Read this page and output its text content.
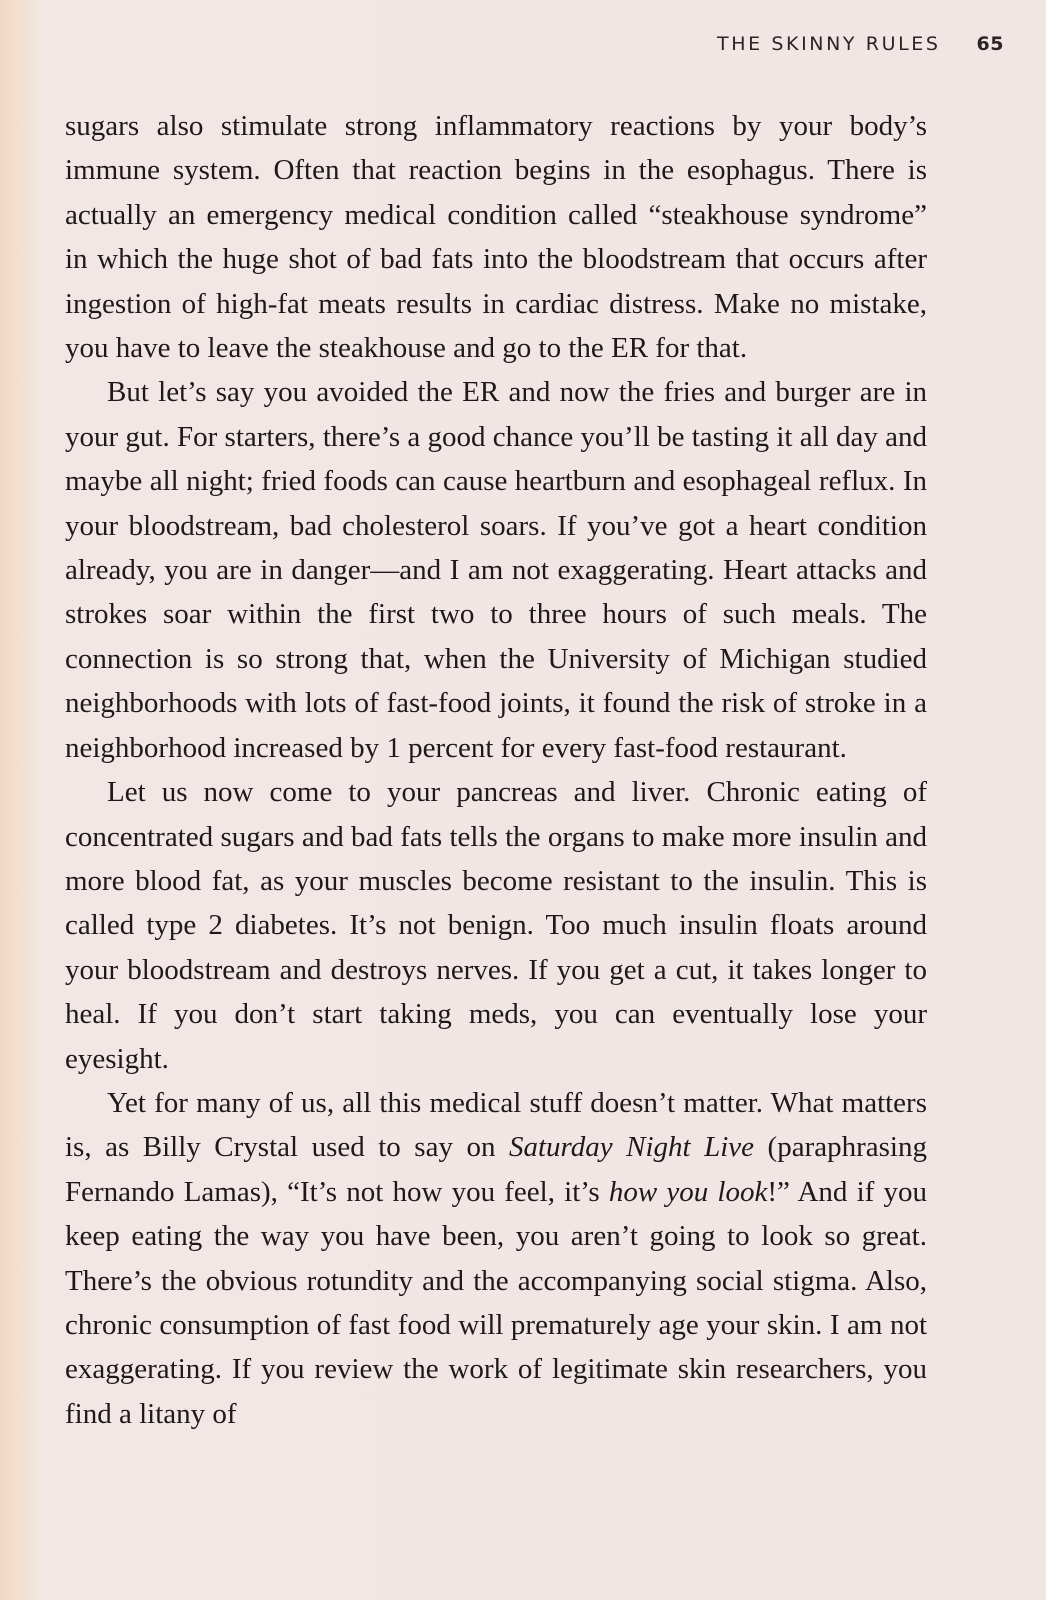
THE SKINNY RULES 65

sugars also stimulate strong inflammatory reactions by your body’s immune system. Often that reaction begins in the esophagus. There is actually an emergency medical condition called “steakhouse syndrome” in which the huge shot of bad fats into the bloodstream that occurs after ingestion of high-fat meats results in cardiac distress. Make no mistake, you have to leave the steakhouse and go to the ER for that.

But let’s say you avoided the ER and now the fries and burger are in your gut. For starters, there’s a good chance you’ll be tasting it all day and maybe all night; fried foods can cause heartburn and esophageal reflux. In your bloodstream, bad cholesterol soars. If you’ve got a heart condition already, you are in danger—and I am not exaggerating. Heart attacks and strokes soar within the first two to three hours of such meals. The connection is so strong that, when the University of Michigan studied neighborhoods with lots of fast-food joints, it found the risk of stroke in a neighborhood increased by 1 percent for every fast-food restaurant.

Let us now come to your pancreas and liver. Chronic eating of concentrated sugars and bad fats tells the organs to make more insulin and more blood fat, as your muscles become resistant to the insulin. This is called type 2 diabetes. It’s not benign. Too much insulin floats around your bloodstream and destroys nerves. If you get a cut, it takes longer to heal. If you don’t start taking meds, you can eventually lose your eyesight.

Yet for many of us, all this medical stuff doesn’t matter. What matters is, as Billy Crystal used to say on Saturday Night Live (paraphrasing Fernando Lamas), “It’s not how you feel, it’s how you look!” And if you keep eating the way you have been, you aren’t going to look so great. There’s the obvious rotundity and the accompanying social stigma. Also, chronic consumption of fast food will prematurely age your skin. I am not exaggerating. If you review the work of legitimate skin researchers, you find a litany of
